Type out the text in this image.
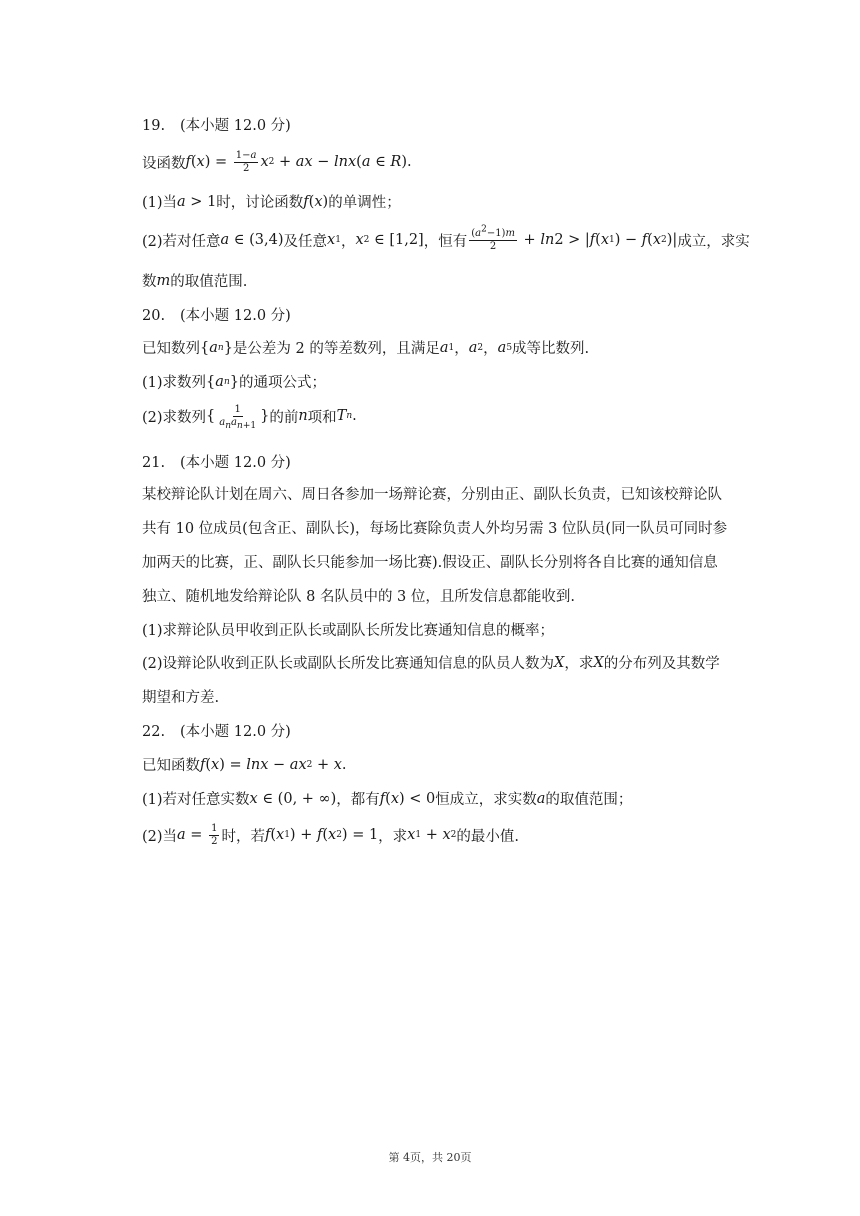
19.	(本小题 12.0 分)
设函数 f ( x ) = $\frac{1-a}{2}$ x 2 + ax − lnx ( a ∈ R ).
(1)当 a > 1 时，讨论函数 f ( x ) 的单调性；
(2)若对任意 a ∈ (3,4) 及任意 x 1 ， x 2 ∈ [1,2] ，恒有 $\frac{(a^2-1)m}{2} + \ln 2$ > | f ( x 1 ) − f ( x 2 )| 成立，求实
数 m 的取值范围.
20.	(本小题 12.0 分)
已知数列 { a n } 是公差为 2 的等差数列，且满足 a 1 ， a 2 ， a 5 成等比数列.
(1)求数列 { a n } 的通项公式；
(2)求数列 { $\frac{1}{a_na_{n+1}}$ } 的前 n 项和 T n .
21.	(本小题 12.0 分)
某校辩论队计划在周六、周日各参加一场辩论赛，分别由正、副队长负责，已知该校辩论队
共有 10 位成员(包含正、副队长)，每场比赛除负责人外均另需 3 位队员(同一队员可同时参
加两天的比赛，正、副队长只能参加一场比赛).假设正、副队长分别将各自比赛的通知信息
独立、随机地发给辩论队 8 名队员中的 3 位，且所发信息都能收到.
(1)求辩论队员甲收到正队长或副队长所发比赛通知信息的概率；
(2)设辩论队收到正队长或副队长所发比赛通知信息的队员人数为 X ，求 X 的分布列及其数学
期望和方差.
22.	(本小题 12.0 分)
已知函数 f ( x ) = lnx − ax 2 + x .
(1)若对任意实数 x ∈ (0, + ∞) ，都有 f ( x ) < 0 恒成立，求实数 a 的取值范围；
(2)当 $a = \frac{1}{2}$ 时，若 f ( x 1 ) + f ( x 2 ) = 1 ，求 x 1 + x 2 的最小值.
第 4页，共 20页
